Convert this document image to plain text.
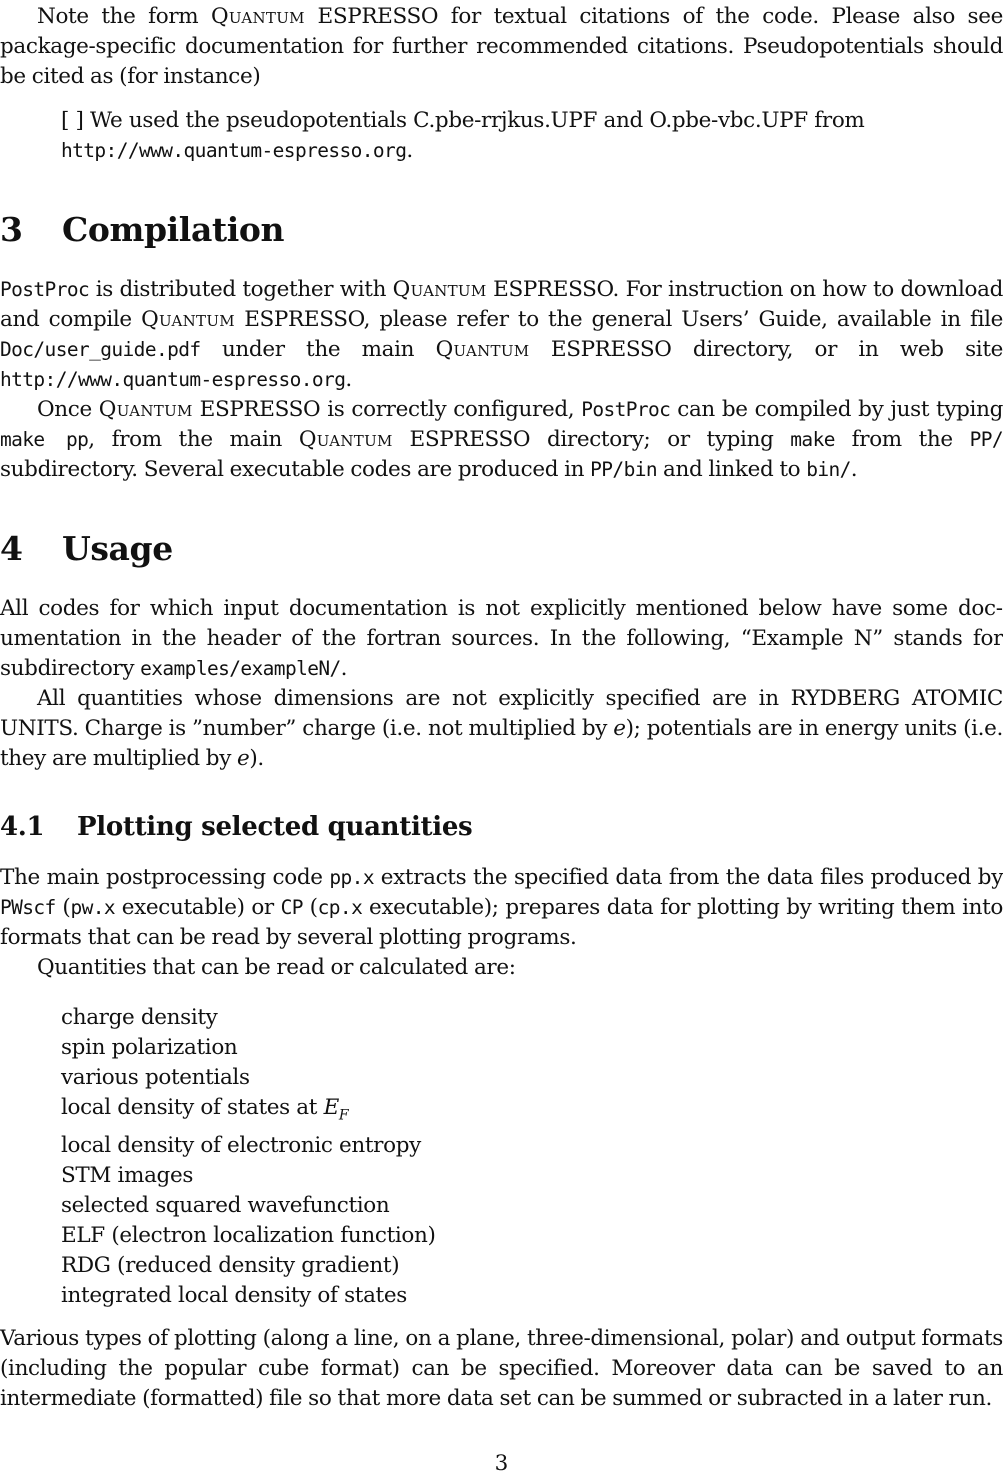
Note the form Quantum ESPRESSO for textual citations of the code. Please also see package-specific documentation for further recommended citations. Pseudopotentials should be cited as (for instance)

[ ] We used the pseudopotentials C.pbe-rrjkus.UPF and O.pbe-vbc.UPF from
http://www.quantum-espresso.org.
3 Compilation

PostProc is distributed together with Quantum ESPRESSO. For instruction on how to download and compile Quantum ESPRESSO, please refer to the general Users’ Guide, available in file Doc/user_guide.pdf under the main Quantum ESPRESSO directory, or in web site http://www.quantum-espresso.org.

Once Quantum ESPRESSO is correctly configured, PostProc can be compiled by just typing make pp, from the main Quantum ESPRESSO directory; or typing make from the PP/ subdirectory. Several executable codes are produced in PP/bin and linked to bin/.

4 Usage

All codes for which input documentation is not explicitly mentioned below have some documentation in the header of the fortran sources. In the following, “Example N” stands for subdirectory examples/exampleN/.

All quantities whose dimensions are not explicitly specified are in RYDBERG ATOMIC UNITS. Charge is ”number” charge (i.e. not multiplied by e); potentials are in energy units (i.e. they are multiplied by e).

4.1 Plotting selected quantities

The main postprocessing code pp.x extracts the specified data from the data files produced by PWscf (pw.x executable) or CP (cp.x executable); prepares data for plotting by writing them into formats that can be read by several plotting programs.

Quantities that can be read or calculated are:

charge density
spin polarization
various potentials
local density of states at $E_F$
local density of electronic entropy
STM images
selected squared wavefunction
ELF (electron localization function)
RDG (reduced density gradient)
integrated local density of states

Various types of plotting (along a line, on a plane, three-dimensional, polar) and output formats (including the popular cube format) can be specified. Moreover data can be saved to an intermediate (formatted) file so that more data set can be summed or subracted in a later run.

3
